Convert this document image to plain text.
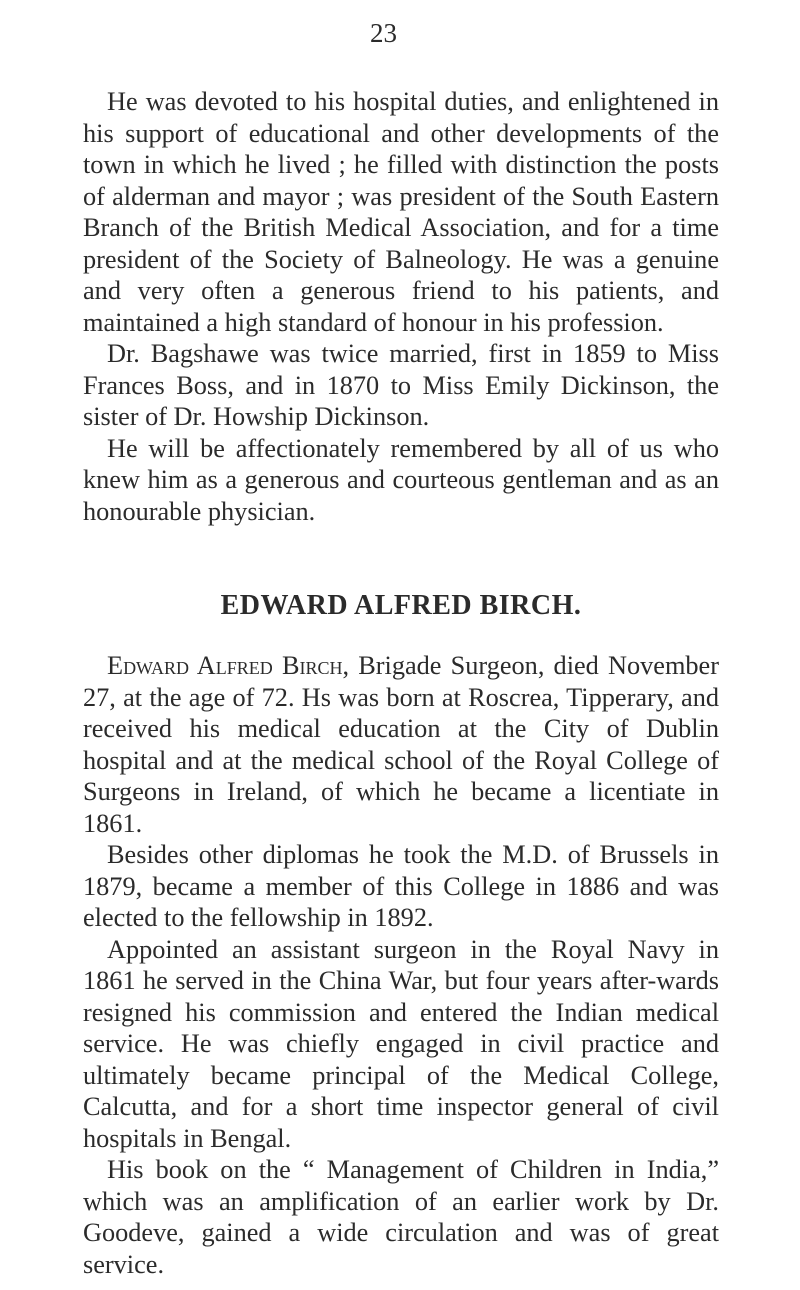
23

He was devoted to his hospital duties, and enlightened in his support of educational and other developments of the town in which he lived ; he filled with distinction the posts of alderman and mayor ; was president of the South Eastern Branch of the British Medical Association, and for a time president of the Society of Balneology. He was a genuine and very often a generous friend to his patients, and maintained a high standard of honour in his profession.

Dr. Bagshawe was twice married, first in 1859 to Miss Frances Boss, and in 1870 to Miss Emily Dickinson, the sister of Dr. Howship Dickinson.

He will be affectionately remembered by all of us who knew him as a generous and courteous gentleman and as an honourable physician.

EDWARD ALFRED BIRCH.

Edward Alfred Birch, Brigade Surgeon, died November 27, at the age of 72. Hs was born at Roscrea, Tipperary, and received his medical education at the City of Dublin hospital and at the medical school of the Royal College of Surgeons in Ireland, of which he became a licentiate in 1861.

Besides other diplomas he took the M.D. of Brussels in 1879, became a member of this College in 1886 and was elected to the fellowship in 1892.

Appointed an assistant surgeon in the Royal Navy in 1861 he served in the China War, but four years after-wards resigned his commission and entered the Indian medical service. He was chiefly engaged in civil practice and ultimately became principal of the Medical College, Calcutta, and for a short time inspector general of civil hospitals in Bengal.

His book on the “ Management of Children in India,” which was an amplification of an earlier work by Dr. Goodeve, gained a wide circulation and was of great service.
